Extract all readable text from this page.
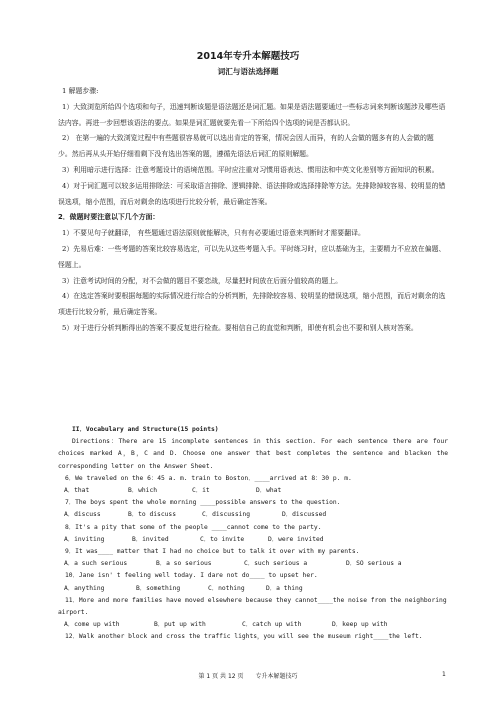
2014年专升本解题技巧
词汇与语法选择题

1 解题步骤:

1）大致浏览所给四个选项和句子，迅速判断该题是语法题还是词汇题。如果是语法题要通过一些标志词来判断该题涉及哪些语法内容。再进一步回想该语法的要点。如果是词汇题就要先看一下所给四个选项的词是否都认识。

2） 在第一遍的大致浏览过程中有些题很容易就可以选出肯定的答案，情况会因人而异，有的人会做的题多有的人会做的题少。然后再从头开始仔细看剩下没有选出答案的题，遵循先语法后词汇的原则解题。

3）利用暗示进行选择：注意考题设计的语境范围。平时应注重对习惯用语表达、惯用法和中英文化差别等方面知识的积累。

4）对于词汇题可以较多运用排除法：可采取语言排除、逻辑排除、语法排除或选择排除等方法。先排除掉较容易、较明显的错误选项，缩小范围，而后对剩余的选项进行比较分析，最后确定答案。

2．做题时要注意以下几个方面：

1）不要见句子就翻译， 有些题通过语法原则就能解决，只有有必要通过语意来判断时才需要翻译。

2）先易后难：一些考题的答案比较容易选定，可以先从这些考题入手。平时练习时，应以基础为主，主要精力不应放在偏题、怪题上。

3）注意考试时间的分配，对不会做的题目不要恋战，尽量把时间放在后面分值较高的题上。

4）在选定答案时要根据每题的实际情况进行综合的分析判断，先排除较容易、较明显的错误选项，缩小范围，而后对剩余的选项进行比较分析，最后确定答案。

5）对于进行分析判断得出的答案不要反复进行检查。要相信自己的直觉和判断，即使有机会也不要和别人核对答案。

II．Vocabulary and Structure(15 points)

Directions：There are 15 incomplete sentences in this section. For each sentence there are four choices marked A，B，C and D. Choose one answer that best completes the sentence and blacken the corresponding letter on the Answer Sheet.

6．We traveled on the 6：45 a. m. train to Boston．____arrived at 8：30 p. m.

A．that	B．which	C．it	D．what

7．The boys spent the whole morning ____possible answers to the question.

A．discuss	B．to discuss	C．discussing	D．discussed

8．It's a pity that some of the people ____cannot come to the party.

A．inviting	B．invited	C．to invite	D．were invited

9．It was____ matter that I had no choice but to talk it over with my parents.

A．a such serious	B．a so serious	C．such serious a	D．SO serious a

10．Jane isn' t feeling well today. I dare not do____ to upset her.

A．anything	B．something	C．nothing	D．a thing

11．More and more families have moved elsewhere because they cannot____the noise from the neighboring airport.

A．come up with	B．put up with	C．catch up with	D．keep up with

12．Walk another block and cross the traffic lights，you will see the museum right____the left.

第 1 页 共 12 页　　专升本解题技巧	1
